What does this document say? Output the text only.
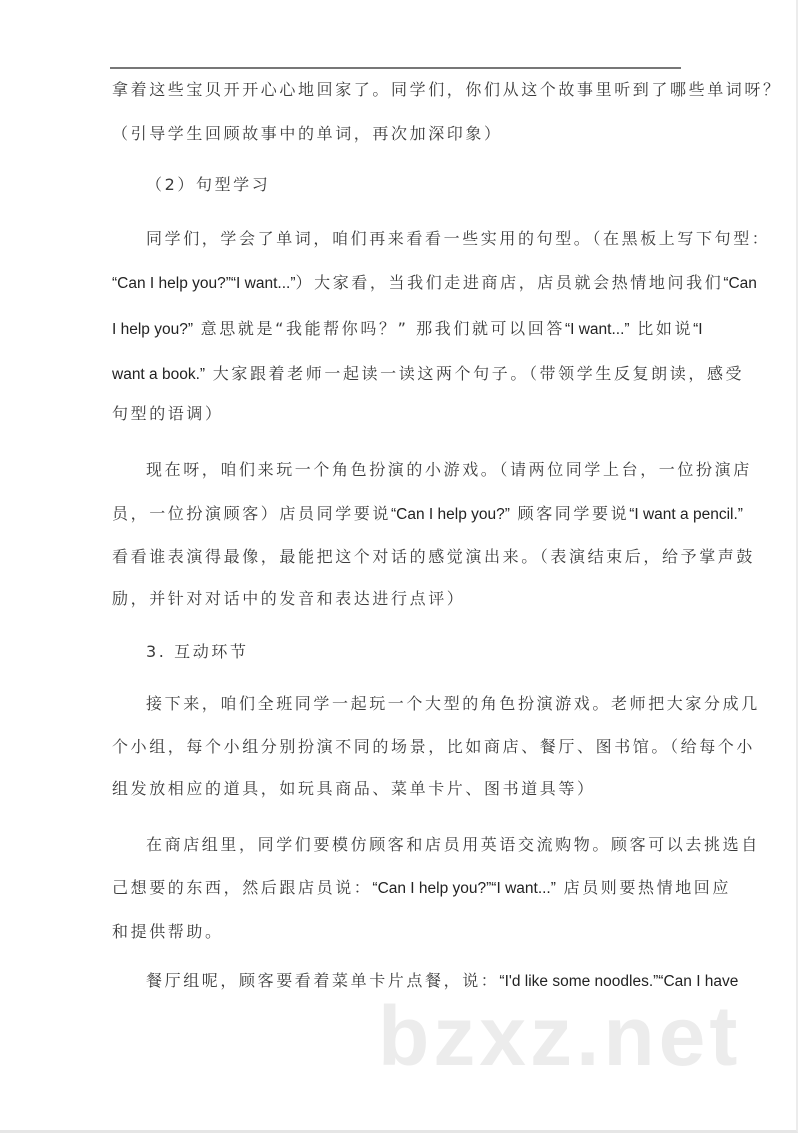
拿着这些宝贝开开心心地回家了。同学们，你们从这个故事里听到了哪些单词呀？
（引导学生回顾故事中的单词，再次加深印象）
（2）句型学习
同学们，学会了单词，咱们再来看看一些实用的句型。（在黑板上写下句型：
“Can I help you?”“I want...”）大家看，当我们走进商店，店员就会热情地问我们“Can
I help you?” 意思就是“我能帮你吗？” 那我们就可以回答“I want...” 比如说“I
want a book.” 大家跟着老师一起读一读这两个句子。（带领学生反复朗读，感受
句型的语调）
现在呀，咱们来玩一个角色扮演的小游戏。（请两位同学上台，一位扮演店
员，一位扮演顾客）店员同学要说“Can I help you?” 顾客同学要说“I want a pencil.”
看看谁表演得最像，最能把这个对话的感觉演出来。（表演结束后，给予掌声鼓
励，并针对对话中的发音和表达进行点评）
3. 互动环节
接下来，咱们全班同学一起玩一个大型的角色扮演游戏。老师把大家分成几
个小组，每个小组分别扮演不同的场景，比如商店、餐厅、图书馆。（给每个小
组发放相应的道具，如玩具商品、菜单卡片、图书道具等）
在商店组里，同学们要模仿顾客和店员用英语交流购物。顾客可以去挑选自
己想要的东西，然后跟店员说：“Can I help you?”“I want...” 店员则要热情地回应
和提供帮助。
餐厅组呢，顾客要看着菜单卡片点餐，说：“I'd like some noodles.”“Can I have
bzxz.net
